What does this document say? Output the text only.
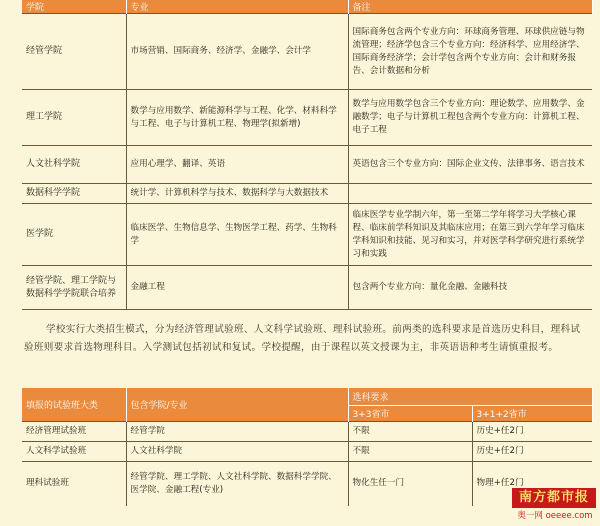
学院	专业	备注
经管学院	市场营销、国际商务、经济学、金融学、会计学	国际商务包含两个专业方向：环球商务管理、环球供应链与物流管理；经济学包含三个专业方向：经济科学、应用经济学、国际商务经济学；会计学包含两个专业方向：会计和财务报告、会计数据和分析
理工学院	数学与应用数学、新能源科学与工程、化学、材料科学与工程、电子与计算机工程、物理学(拟新增)	数学与应用数学包含三个专业方向：理论数学、应用数学、金融数学；电子与计算机工程包含两个专业方向：计算机工程、电子工程
人文社科学院	应用心理学、翻译、英语	英语包含三个专业方向：国际企业文传、法律事务、语言技术
数据科学学院	统计学、计算机科学与技术、数据科学与大数据技术	
医学院	临床医学、生物信息学、生物医学工程、药学、生物科学	临床医学专业学制六年，第一至第二学年将学习大学核心课程、临床前学科知识及其临床应用；在第三到六学年学习临床学科知识和技能、见习和实习，并对医学科学研究进行系统学习和实践
经管学院、理工学院与数据科学学院联合培养	金融工程	包含两个专业方向：量化金融、金融科技

学校实行大类招生模式，分为经济管理试验班、人文科学试验班、理科试验班。前两类的选科要求是首选历史科目，理科试验班则要求首选物理科目。入学测试包括初试和复试。学校提醒，由于课程以英文授课为主，非英语语种考生请慎重报考。

填报的试验班大类	包含学院/专业	选科要求	
		3+3省市	3+1+2省市
经济管理试验班	经管学院	不限	历史+任2门
人文科学试验班	人文社科学院	不限	历史+任2门
理科试验班	经管学院、理工学院、人文社科学院、数据科学学院、医学院、金融工程(专业)	物化生任一门	物理+任2门
南方都市报
奥一网 oeeee.com
